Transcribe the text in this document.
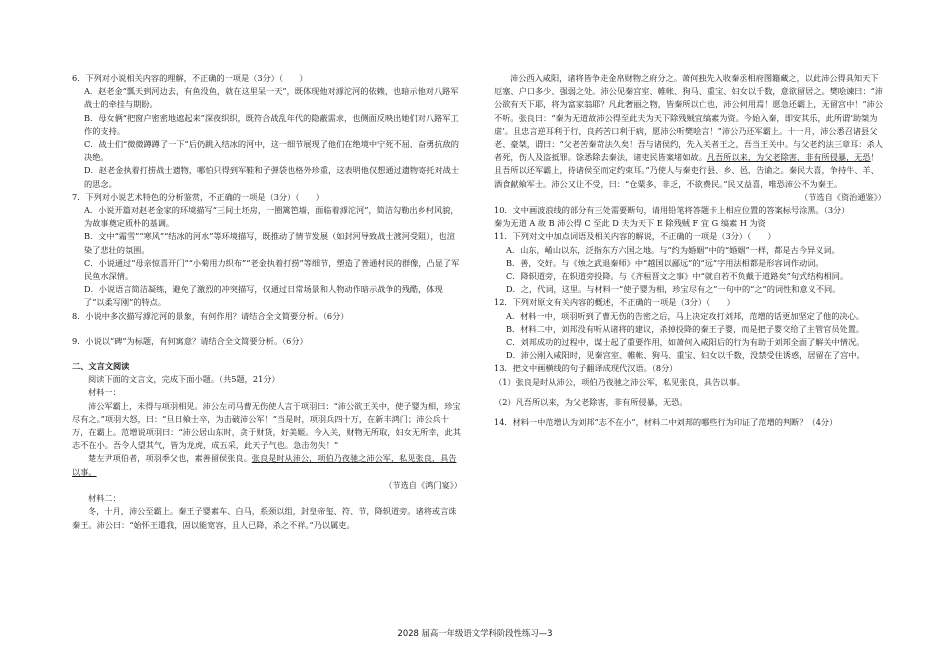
6．下列对小说相关内容的理解，不正确的一项是（3分）（　　）

A．赵老金“瓢天到河边去，有鱼没鱼，就在这里呆一天”，既体现他对滹沱河的依赖，也暗示他对八路军战士的牵挂与期盼。

B．母女俩“把窗户密密地遮起来”深夜织织，既符合战乱年代的隐蔽需求，也侧面反映出她们对八路军工作的支持。

C．战士们“微微蹲蹲了一下”后仍跳入结冰的河中，这一细节展现了他们在绝境中宁死不屈、奋勇抗敌的决绝。

D．赵老金执着打捞战士遗物，哪怕只得到军鞋和子弹袋也格外珍重，这表明他仅想通过遗物寄托对战士的思念。

7．下列对小说艺术特色的分析鉴赏，不正确的一项是（3分）（　　）

A．小说开篇对赵老金家的环境描写“三间土坯房，一圈篱笆墙，面临着滹沱河”，简洁勾勒出乡村风貌，为故事奠定质朴的基调。

B．文中“霜雪”“寒风”“结冰的河水”等环境描写，既推动了情节发展（如封河导致战士渡河受阻），也渲染了悲壮的氛围。

C．小说通过“母亲惊喜开门”“小菊用力织布”“老金执着打捞”等细节，塑造了普通村民的群像，凸显了军民鱼水深情。

D．小说语言简洁凝练，避免了激烈的冲突描写，仅通过日常场景和人物动作暗示战争的残酷，体现了“以柔写刚”的特点。

8．小说中多次描写滹沱河的景象，有何作用？请结合全文简要分析。（6分）

9．小说以“碑”为标题，有何寓意？请结合全文简要分析。（6分）

二、文言文阅读

阅读下面的文言文，完成下面小题。（共5题，21分）

材料一：

沛公军霸上，未得与项羽相见。沛公左司马曹无伤使人言于项羽曰：“沛公欲王关中，使子婴为相，珍宝尽有之。”项羽大怒，曰：“旦日飨士卒，为击破沛公军！”当是时，项羽兵四十万，在新丰鸿门；沛公兵十万，在霸上。范增说项羽曰：“沛公居山东时，贪于财货，好美姬。今入关，财物无所取，妇女无所幸，此其志不在小。吾令人望其气，皆为龙虎，成五采，此天子气也。急击勿失！”

楚左尹项伯者，项羽季父也，素善留侯张良。张良是时从沛公，项伯乃夜驰之沛公军，私见张良，具告以事。

（节选自《鸿门宴》）

材料二：

冬，十月，沛公至霸上。秦王子婴素车、白马，系颈以组，封皇帝玺、符、节，降轵道旁。诸将或言诛秦王。沛公曰：“始怀王遣我，固以能宽容，且人已降，杀之不祥。”乃以属吏。

沛公西入咸阳，诸将皆争走金帛财物之府分之。萧何独先入收秦丞相府图籍藏之，以此沛公得具知天下厄塞、户口多少、强弱之处。沛公见秦宫室、帷帐、狗马、重宝、妇女以千数，意欲留居之。樊哙谏曰：“沛公欲有天下耶，将为富家翁耶？凡此奢丽之物，皆秦所以亡也，沛公何用焉！愿急还霸上，无留宫中！”沛公不听。张良曰：“秦为无道故沛公得至此夫为天下除残贼宜缟素为资。今始入秦，即安其乐，此所谓‘助桀为虐’。且忠言逆耳利于行，良药苦口利于病，愿沛公听樊哙言！”沛公乃还军霸上。十一月，沛公悉召诸县父老、豪桀，谓曰：“父老苦秦苛法久矣！吾与诸侯约，先入关者王之，吾当王关中。与父老约法三章耳：杀人者死，伤人及盗抵罪。馀悉除去秦法，诸吏民皆案堵如故。凡吾所以来，为父老除害，非有所侵暴，无恐！且吾所以还军霸上，待诸侯至而定约束耳。”乃使人与秦吏行县、乡、邑，告谕之。秦民大喜，争持牛、羊、酒食献飨军士。沛公又让不受，曰：“仓粟多，非乏，不欲费民。”民又益喜，唯恐沛公不为秦王。

（节选自《资治通鉴》）

10．文中画波浪线的部分有三处需要断句，请用铅笔将答题卡上相应位置的答案标号涂黑。（3分）

秦为无道 A 故 B 沛公得 C 至此 D 夫为天下 E 除残贼 F 宜 G 缟素 H 为资

11．下列对文中加点词语及相关内容的解说，不正确的一项是（3分）（　　）

A．山东，崤山以东，泛指东方六国之地。与“约为婚姻”中的“婚姻”一样，都是古今异义词。

B．善，交好。与《烛之武退秦师》中“越国以鄙远”的“远”字用法相都是形容词作动词。

C．降轵道旁，在轵道旁投降。与《齐桓晋文之事》中“就自若不负戴于道路矣”句式结构相同。

D．之，代词，这里。与材料一“使子婴为相，珍宝尽有之”一句中的“之”的词性和意义不同。

12．下列对原文有关内容的概述，不正确的一项是（3分）（　　）

A．材料一中，项羽听到了曹无伤的告密之后，马上决定攻打刘邦，范增的话更加坚定了他的决心。

B．材料二中，刘邦没有听从诸将的建议，杀掉投降的秦王子婴，而是把子婴交给了主管官员处置。

C．刘邦成功的过程中，谋士起了重要作用，如萧何入咸阳后的行为有助于刘邦全面了解关中情况。

D．沛公刚入咸阳时，见秦宫室、帷帐、狗马、重宝、妇女以千数，没禁受住诱惑，居留在了宫中。

13．把文中画横线的句子翻译成现代汉语。（8分）

（1）张良是时从沛公，项伯乃夜驰之沛公军，私见张良，具告以事。

（2）凡吾所以来，为父老除害，非有所侵暴，无恐。

14．材料一中范增认为刘邦“志不在小”，材料二中刘邦的哪些行为印证了范增的判断？（4分）

2028 届高一年级语文学科阶段性练习—3
